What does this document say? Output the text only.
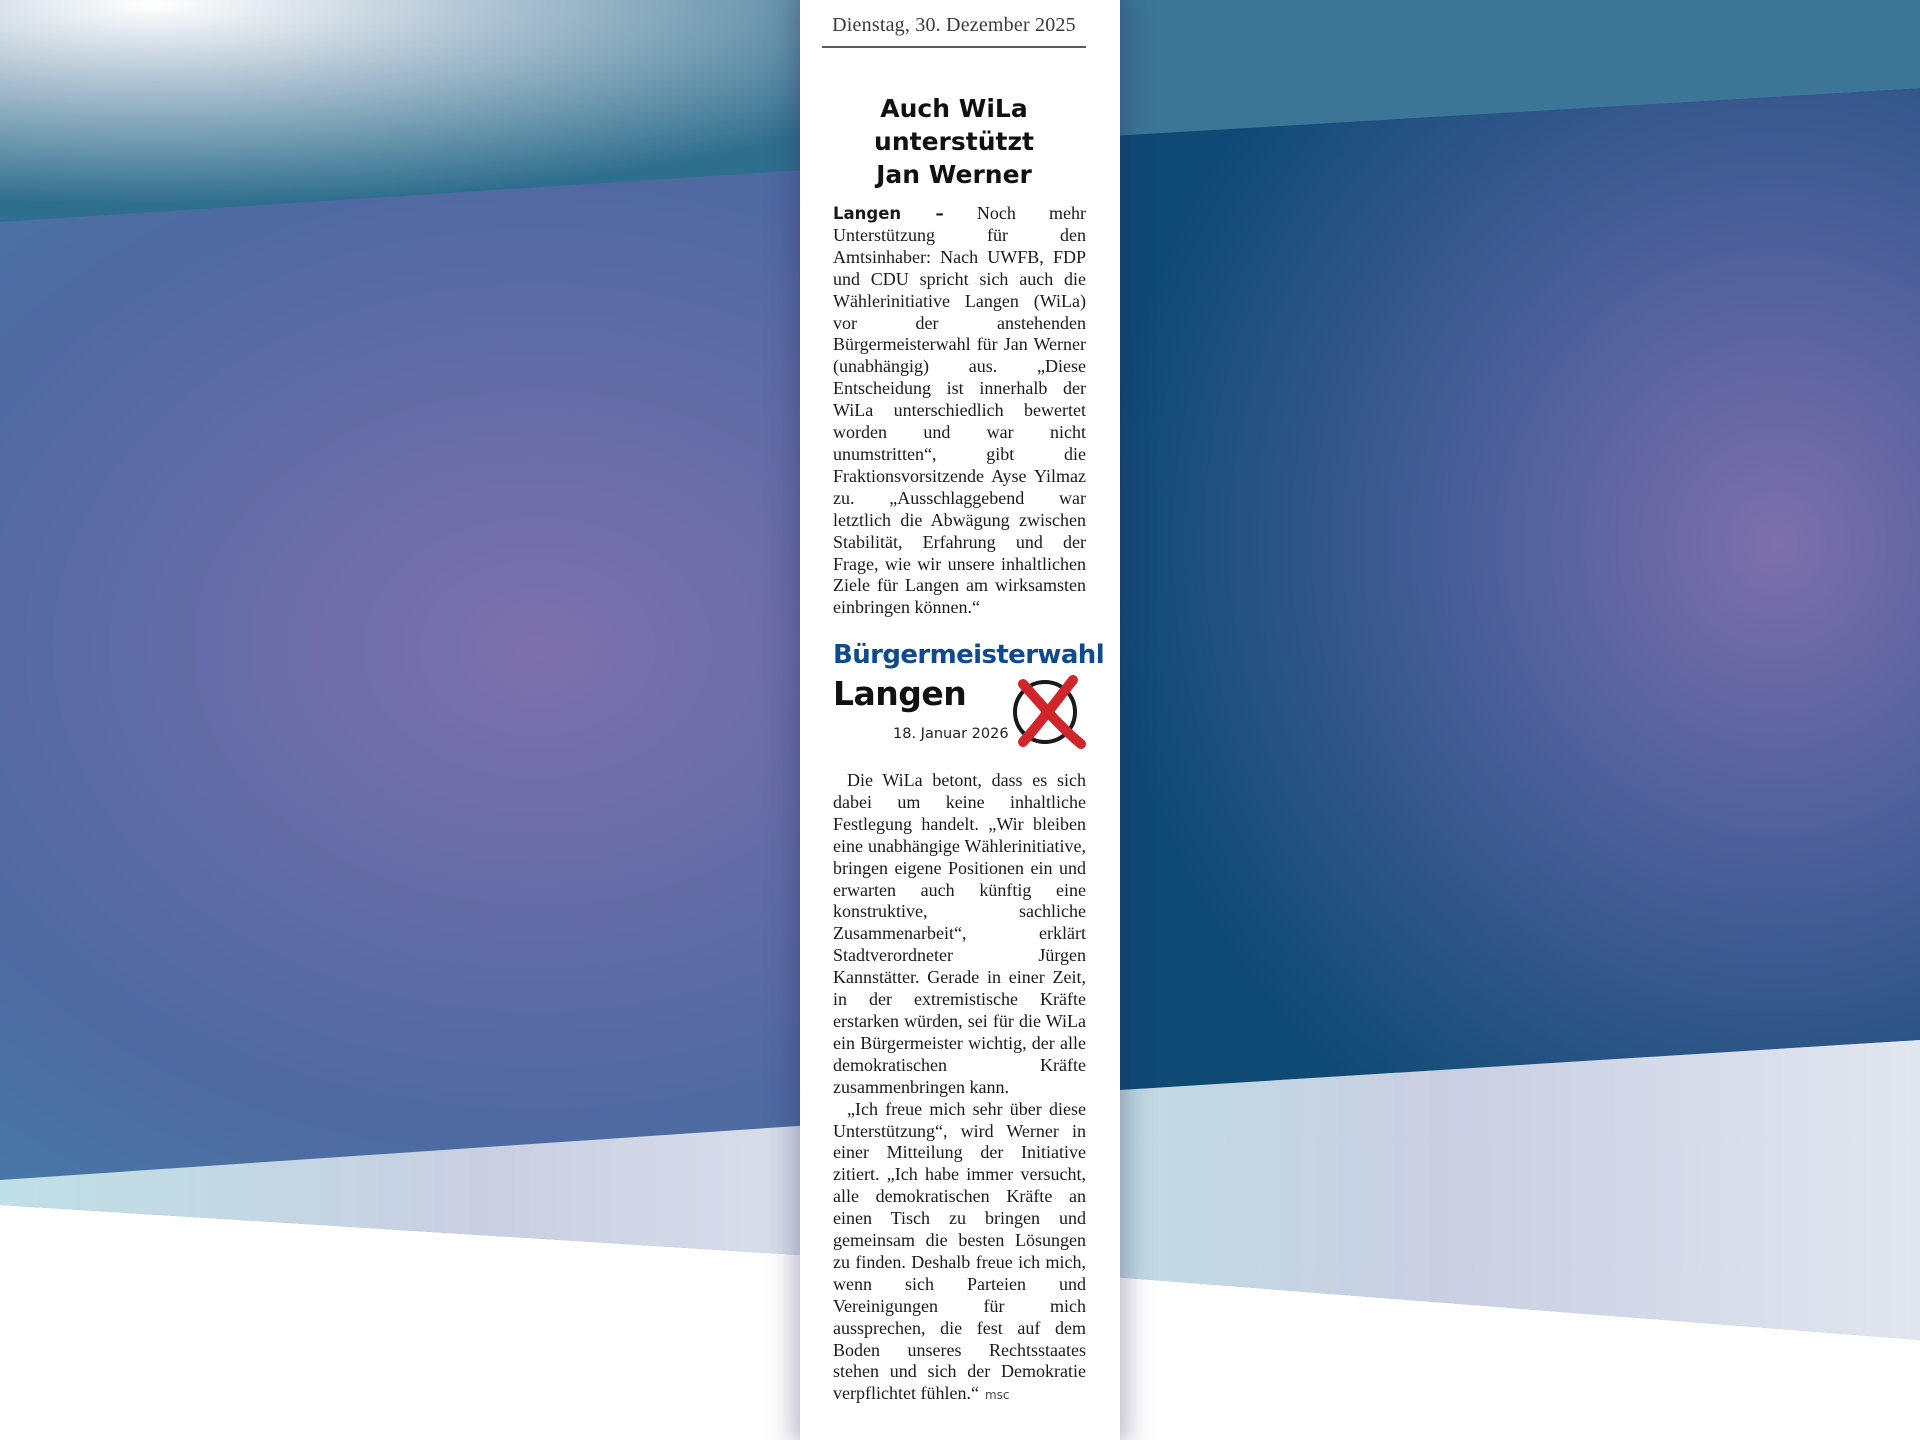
Dienstag, 30. Dezember 2025
Auch WiLa
unterstützt
Jan Werner

Langen – Noch mehr Unterstützung für den Amtsinhaber: Nach UWFB, FDP und CDU spricht sich auch die Wählerinitiative Langen (WiLa) vor der anstehenden Bürgermeisterwahl für Jan Werner (unabhängig) aus. „Diese Entscheidung ist innerhalb der WiLa unterschiedlich bewertet worden und war nicht unumstritten“, gibt die Fraktionsvorsitzende Ayse Yilmaz zu. „Ausschlaggebend war letztlich die Abwägung zwischen Stabilität, Erfahrung und der Frage, wie wir unsere inhaltlichen Ziele für Langen am wirksamsten einbringen können.“

Bürgermeisterwahl
Langen
18. Januar 2026

Die WiLa betont, dass es sich dabei um keine inhaltliche Festlegung handelt. „Wir bleiben eine unabhängige Wählerinitiative, bringen eigene Positionen ein und erwarten auch künftig eine konstruktive, sachliche Zusammenarbeit“, erklärt Stadtverordneter Jürgen Kannstätter. Gerade in einer Zeit, in der extremistische Kräfte erstarken würden, sei für die WiLa ein Bürgermeister wichtig, der alle demokratischen Kräfte zusammenbringen kann.

„Ich freue mich sehr über diese Unterstützung“, wird Werner in einer Mitteilung der Initiative zitiert. „Ich habe immer versucht, alle demokratischen Kräfte an einen Tisch zu bringen und gemeinsam die besten Lösungen zu finden. Deshalb freue ich mich, wenn sich Parteien und Vereinigungen für mich aussprechen, die fest auf dem Boden unseres Rechtsstaates stehen und sich der Demokratie verpflichtet fühlen.“ msc
